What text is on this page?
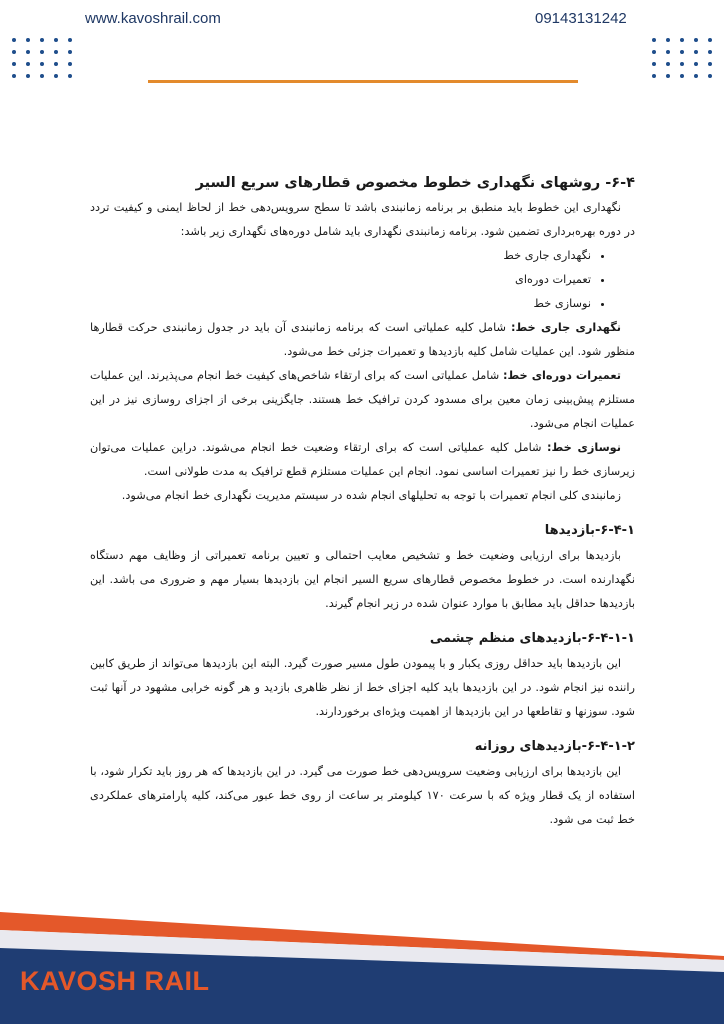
www.kavoshrail.com	09143131242

۶-۴- روشهای نگهداری خطوط مخصوص قطارهای سریع السیر

نگهداری این خطوط باید منطبق بر برنامه زمانبندی باشد تا سطح سرویس‌دهی خط از لحاظ ایمنی و کیفیت تردد در دوره بهره‌برداری تضمین شود. برنامه زمانبندی نگهداری باید شامل دوره‌های نگهداری زیر باشد:

• نگهداری جاری خط
• تعمیرات دوره‌ای
• نوسازی خط

نگهداری جاری خط: شامل کلیه عملیاتی است که برنامه زمانبندی آن باید در جدول زمانبندی حرکت قطارها منظور شود. این عملیات شامل کلیه بازدیدها و تعمیرات جزئی خط می‌شود.

تعمیرات دوره‌ای خط: شامل عملیاتی است که برای ارتقاء شاخص‌های کیفیت خط انجام می‌پذیرند. این عملیات مستلزم پیش‌بینی زمان معین برای مسدود کردن ترافیک خط هستند. جایگزینی برخی از اجزای روسازی نیز در این عملیات انجام می‌شود.

نوسازی خط: شامل کلیه عملیاتی است که برای ارتقاء وضعیت خط انجام می‌شوند. دراین عملیات می‌توان زیرسازی خط را نیز تعمیرات اساسی نمود. انجام این عملیات مستلزم قطع ترافیک به مدت طولانی است.

زمانبندی کلی انجام تعمیرات با توجه به تحلیلهای انجام شده در سیستم مدیریت نگهداری خط انجام می‌شود.

۶-۴-۱-بازدیدها

بازدیدها برای ارزیابی وضعیت خط و تشخیص معایب احتمالی و تعیین برنامه تعمیراتی از وظایف مهم دستگاه نگهدارنده است. در خطوط مخصوص قطارهای سریع السیر انجام این بازدیدها بسیار مهم و ضروری می باشد. این بازدیدها حداقل باید مطابق با موارد عنوان شده در زیر انجام گیرند.

۶-۴-۱-۱-بازدیدهای منظم چشمی

این بازدیدها باید حداقل روزی یکبار و با پیمودن طول مسیر صورت گیرد. البته این بازدیدها می‌تواند از طریق کابین راننده نیز انجام شود. در این بازدیدها باید کلیه اجزای خط از نظر ظاهری بازدید و هر گونه خرابی مشهود در آنها ثبت شود. سوزنها و تقاطعها در این بازدیدها از اهمیت ویژه‌ای برخوردارند.

۶-۴-۱-۲-بازدیدهای روزانه

این بازدیدها برای ارزیابی وضعیت سرویس‌دهی خط صورت می گیرد. در این بازدیدها که هر روز باید تکرار شود، با استفاده از یک قطار ویژه که با سرعت ۱۷۰ کیلومتر بر ساعت از روی خط عبور می‌کند، کلیه پارامترهای عملکردی خط ثبت می شود.

KAVOSH RAIL
